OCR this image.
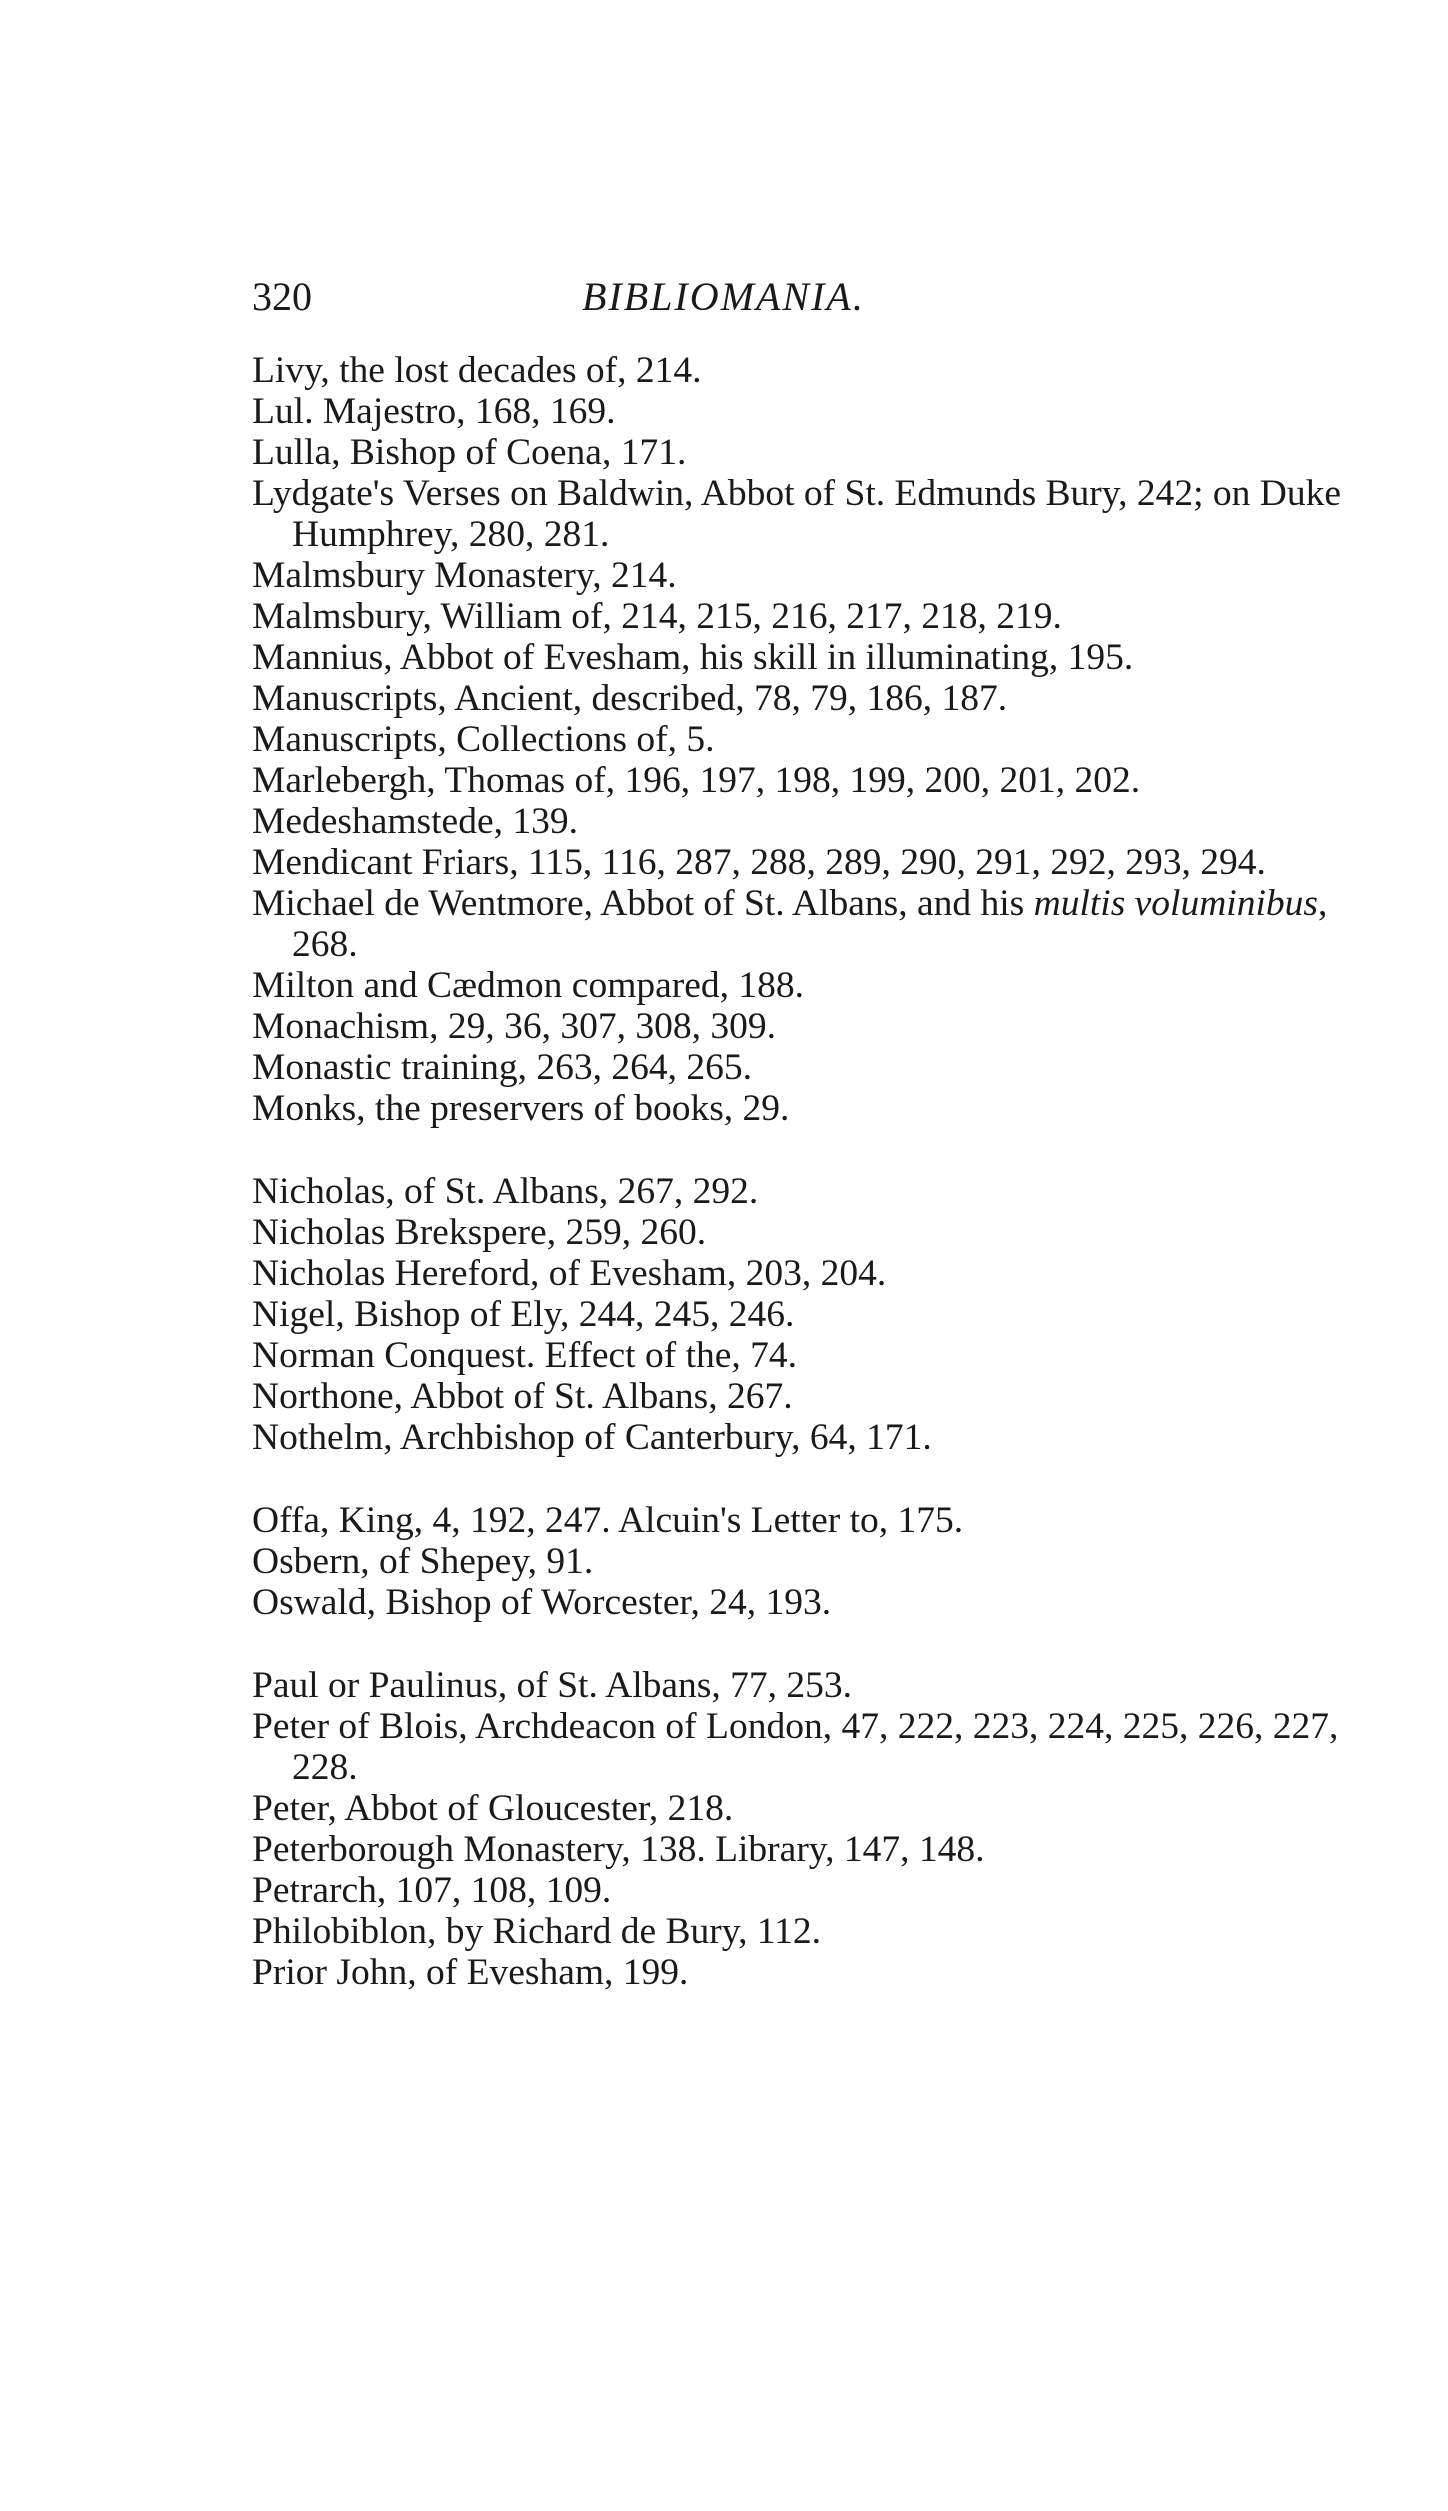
320	BIBLIOMANIA.
Livy, the lost decades of, 214.
Lul. Majestro, 168, 169.
Lulla, Bishop of Coena, 171.
Lydgate's Verses on Baldwin, Abbot of St. Edmunds Bury, 242; on Duke Humphrey, 280, 281.
Malmsbury Monastery, 214.
Malmsbury, William of, 214, 215, 216, 217, 218, 219.
Mannius, Abbot of Evesham, his skill in illuminating, 195.
Manuscripts, Ancient, described, 78, 79, 186, 187.
Manuscripts, Collections of, 5.
Marlebergh, Thomas of, 196, 197, 198, 199, 200, 201, 202.
Medeshamstede, 139.
Mendicant Friars, 115, 116, 287, 288, 289, 290, 291, 292, 293, 294.
Michael de Wentmore, Abbot of St. Albans, and his multis voluminibus, 268.
Milton and Cædmon compared, 188.
Monachism, 29, 36, 307, 308, 309.
Monastic training, 263, 264, 265.
Monks, the preservers of books, 29.
Nicholas, of St. Albans, 267, 292.
Nicholas Brekspere, 259, 260.
Nicholas Hereford, of Evesham, 203, 204.
Nigel, Bishop of Ely, 244, 245, 246.
Norman Conquest. Effect of the, 74.
Northone, Abbot of St. Albans, 267.
Nothelm, Archbishop of Canterbury, 64, 171.
Offa, King, 4, 192, 247. Alcuin's Letter to, 175.
Osbern, of Shepey, 91.
Oswald, Bishop of Worcester, 24, 193.
Paul or Paulinus, of St. Albans, 77, 253.
Peter of Blois, Archdeacon of London, 47, 222, 223, 224, 225, 226, 227, 228.
Peter, Abbot of Gloucester, 218.
Peterborough Monastery, 138. Library, 147, 148.
Petrarch, 107, 108, 109.
Philobiblon, by Richard de Bury, 112.
Prior John, of Evesham, 199.
